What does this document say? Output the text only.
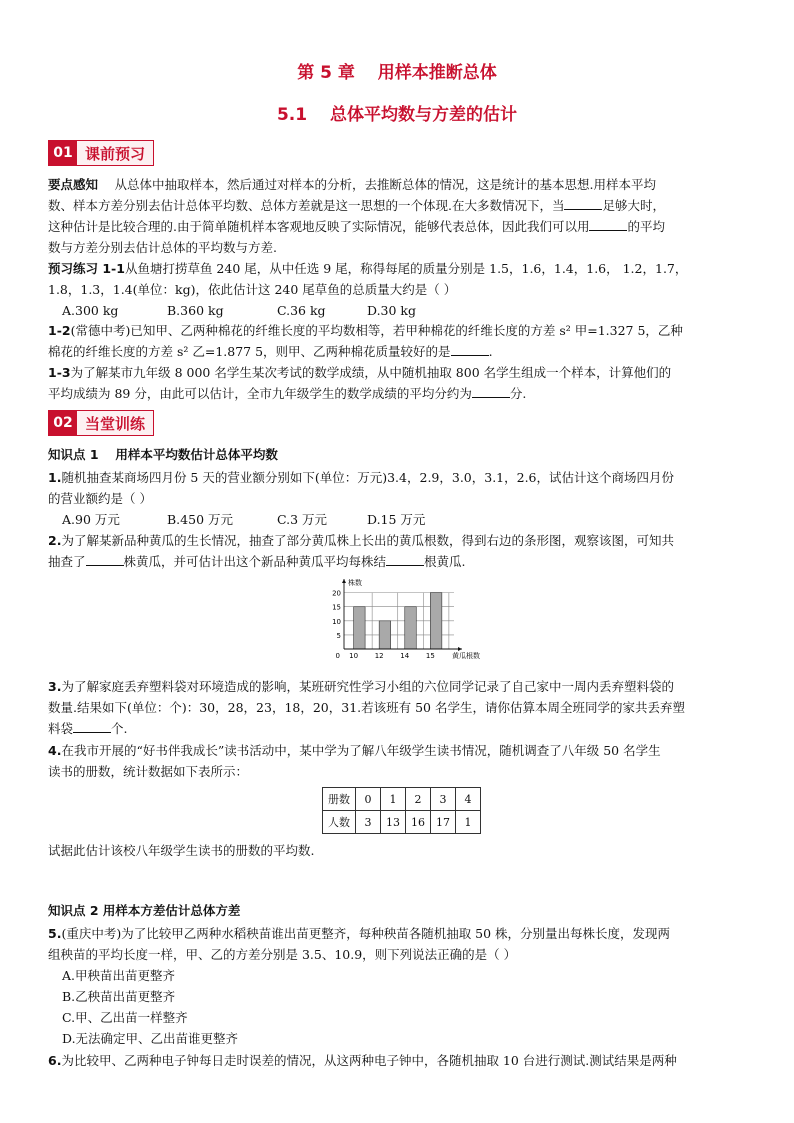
第 5 章　 用样本推断总体
5.1　 总体平均数与方差的估计
01 课前预习
要点感知　 从总体中抽取样本，然后通过对样本的分析，去推断总体的情况，这是统计的基本思想.用样本平均
数、样本方差分别去估计总体平均数、总体方差就是这一思想的一个体现.在大多数情况下，当	足够大时，
这种估计是比较合理的.由于简单随机样本客观地反映了实际情况，能够代表总体，因此我们可以用	的平均
数与方差分别去估计总体的平均数与方差.
预习练习 1-1从鱼塘打捞草鱼 240 尾，从中任选 9 尾，称得每尾的质量分别是 1.5，1.6，1.4，1.6， 1.2，1.7，
1.8，1.3，1.4(单位：kg)，依此估计这 240 尾草鱼的总质量大约是（ ）
A.300 kg	B.360 kg	C.36 kg	D.30 kg
1-2(常德中考)已知甲、乙两种棉花的纤维长度的平均数相等，若甲种棉花的纤维长度的方差 s² 甲=1.327 5，乙种
棉花的纤维长度的方差 s² 乙=1.877 5，则甲、乙两种棉花质量较好的是	.
1-3为了解某市九年级 8 000 名学生某次考试的数学成绩，从中随机抽取 800 名学生组成一个样本，计算他们的
平均成绩为 89 分，由此可以估计，全市九年级学生的数学成绩的平均分约为	分.
02 当堂训练
知识点 1　 用样本平均数估计总体平均数
1.随机抽查某商场四月份 5 天的营业额分别如下(单位：万元)3.4，2.9，3.0，3.1，2.6，试估计这个商场四月份
的营业额约是（ ）
A.90 万元	B.450 万元	C.3 万元	D.15 万元
2.为了解某新品种黄瓜的生长情况，抽查了部分黄瓜株上长出的黄瓜根数，得到右边的条形图，观察该图，可知共
抽查了	株黄瓜，并可估计出这个新品种黄瓜平均每株结	根黄瓜.
5
10
15
20
0 10 12 14 15
株数
黄瓜根数
3.为了解家庭丢弃塑料袋对环境造成的影响，某班研究性学习小组的六位同学记录了自己家中一周内丢弃塑料袋的
数量.结果如下(单位：个)：30，28，23，18，20，31.若该班有 50 名学生，请你估算本周全班同学的家共丢弃塑
料袋	个.
4.在我市开展的“好书伴我成长”读书活动中，某中学为了解八年级学生读书情况，随机调查了八年级 50 名学生
读书的册数，统计数据如下表所示：
册数	0	1	2	3	4
人数	3	13	16	17	1
试据此估计该校八年级学生读书的册数的平均数.
知识点 2 用样本方差估计总体方差
5.(重庆中考)为了比较甲乙两种水稻秧苗谁出苗更整齐，每种秧苗各随机抽取 50 株，分别量出每株长度，发现两
组秧苗的平均长度一样，甲、乙的方差分别是 3.5、10.9，则下列说法正确的是（ ）
A.甲秧苗出苗更整齐
B.乙秧苗出苗更整齐
C.甲、乙出苗一样整齐
D.无法确定甲、乙出苗谁更整齐
6.为比较甲、乙两种电子钟每日走时误差的情况，从这两种电子钟中，各随机抽取 10 台进行测试.测试结果是两种
